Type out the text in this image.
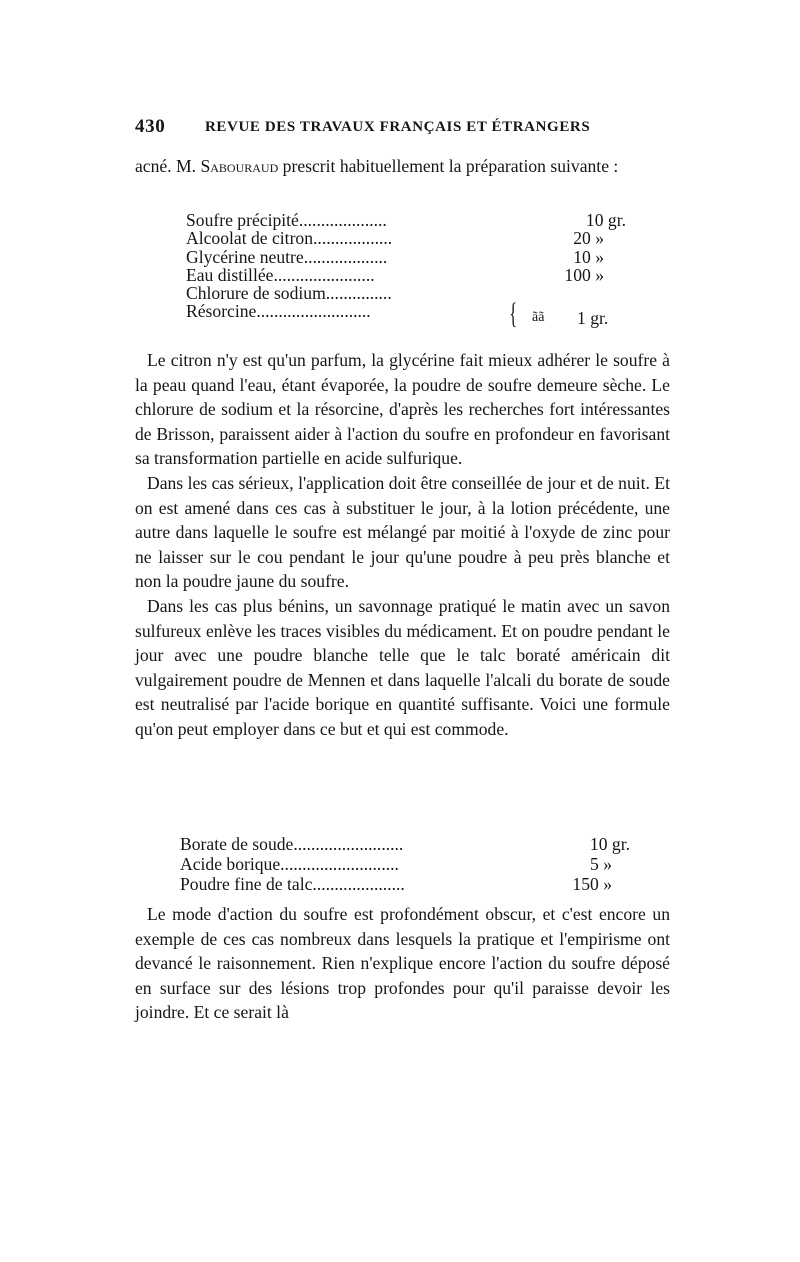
430	REVUE DES TRAVAUX FRANÇAIS ET ÉTRANGERS

acné. M. Sabouraud prescrit habituellement la préparation suivante :

Soufre précipité....................	10 gr.
Alcoolat de citron..................	20 »
Glycérine neutre...................	10 »
Eau distillée.......................	100 »
Chlorure de sodium...............
Résorcine..........................	{ ãã 1 gr.

Le citron n'y est qu'un parfum, la glycérine fait mieux adhérer le soufre à la peau quand l'eau, étant évaporée, la poudre de soufre demeure sèche. Le chlorure de sodium et la résorcine, d'après les recherches fort intéressantes de Brisson, paraissent aider à l'action du soufre en profondeur en favorisant sa transformation partielle en acide sulfurique.

Dans les cas sérieux, l'application doit être conseillée de jour et de nuit. Et on est amené dans ces cas à substituer le jour, à la lotion précédente, une autre dans laquelle le soufre est mélangé par moitié à l'oxyde de zinc pour ne laisser sur le cou pendant le jour qu'une poudre à peu près blanche et non la poudre jaune du soufre.

Dans les cas plus bénins, un savonnage pratiqué le matin avec un savon sulfureux enlève les traces visibles du médicament. Et on poudre pendant le jour avec une poudre blanche telle que le talc boraté américain dit vulgairement poudre de Mennen et dans laquelle l'alcali du borate de soude est neutralisé par l'acide borique en quantité suffisante. Voici une formule qu'on peut employer dans ce but et qui est commode.

Borate de soude.........................	10 gr.
Acide borique...........................	5 »
Poudre fine de talc.....................	150 »

Le mode d'action du soufre est profondément obscur, et c'est encore un exemple de ces cas nombreux dans lesquels la pratique et l'empirisme ont devancé le raisonnement. Rien n'explique encore l'action du soufre déposé en surface sur des lésions trop profondes pour qu'il paraisse devoir les joindre. Et ce serait là
